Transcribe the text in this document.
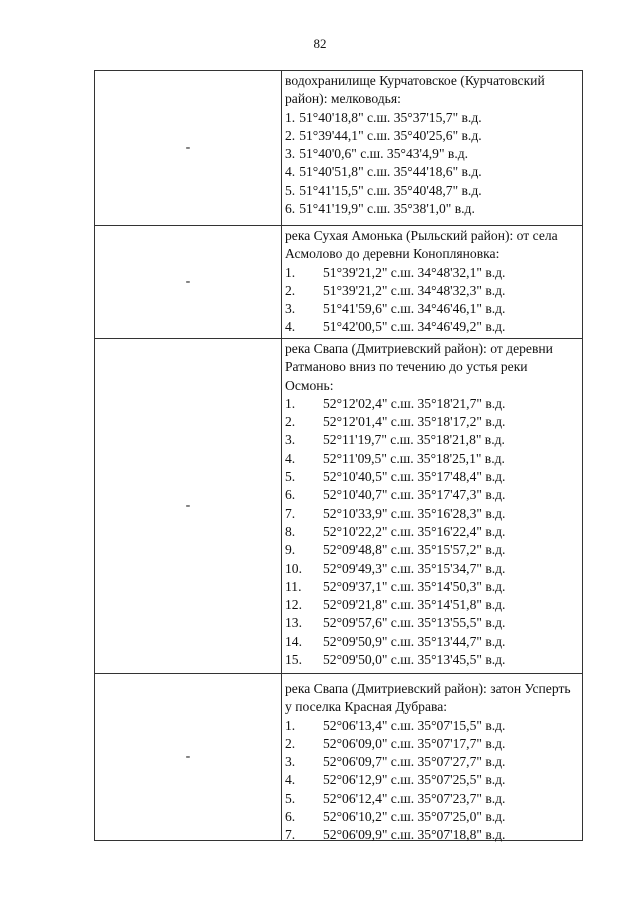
82
-
водохранилище Курчатовское (Курчатовский район): мелководья:
1. 51°40'18,8" с.ш. 35°37'15,7" в.д.
2. 51°39'44,1" с.ш. 35°40'25,6" в.д.
3. 51°40'0,6" с.ш. 35°43'4,9" в.д.
4. 51°40'51,8" с.ш. 35°44'18,6" в.д.
5. 51°41'15,5" с.ш. 35°40'48,7" в.д.
6. 51°41'19,9" с.ш. 35°38'1,0" в.д.
-
река Сухая Амонька (Рыльский район): от села Асмолово до деревни Конопляновка:
1.	51°39'21,2" с.ш. 34°48'32,1" в.д.
2.	51°39'21,2" с.ш. 34°48'32,3" в.д.
3.	51°41'59,6" с.ш. 34°46'46,1" в.д.
4.	51°42'00,5" с.ш. 34°46'49,2" в.д.
-
река Свапа (Дмитриевский район): от деревни Ратманово вниз по течению до устья реки Осмонь:
1.	52°12'02,4" с.ш. 35°18'21,7" в.д.
2.	52°12'01,4" с.ш. 35°18'17,2" в.д.
3.	52°11'19,7" с.ш. 35°18'21,8" в.д.
4.	52°11'09,5" с.ш. 35°18'25,1" в.д.
5.	52°10'40,5" с.ш. 35°17'48,4" в.д.
6.	52°10'40,7" с.ш. 35°17'47,3" в.д.
7.	52°10'33,9" с.ш. 35°16'28,3" в.д.
8.	52°10'22,2" с.ш. 35°16'22,4" в.д.
9.	52°09'48,8" с.ш. 35°15'57,2" в.д.
10.	52°09'49,3" с.ш. 35°15'34,7" в.д.
11.	52°09'37,1" с.ш. 35°14'50,3" в.д.
12.	52°09'21,8" с.ш. 35°14'51,8" в.д.
13.	52°09'57,6" с.ш. 35°13'55,5" в.д.
14.	52°09'50,9" с.ш. 35°13'44,7" в.д.
15.	52°09'50,0" с.ш. 35°13'45,5" в.д.
-
река Свапа (Дмитриевский район): затон Усперть у поселка Красная Дубрава:
1.	52°06'13,4" с.ш. 35°07'15,5" в.д.
2.	52°06'09,0" с.ш. 35°07'17,7" в.д.
3.	52°06'09,7" с.ш. 35°07'27,7" в.д.
4.	52°06'12,9" с.ш. 35°07'25,5" в.д.
5.	52°06'12,4" с.ш. 35°07'23,7" в.д.
6.	52°06'10,2" с.ш. 35°07'25,0" в.д.
7.	52°06'09,9" с.ш. 35°07'18,8" в.д.
